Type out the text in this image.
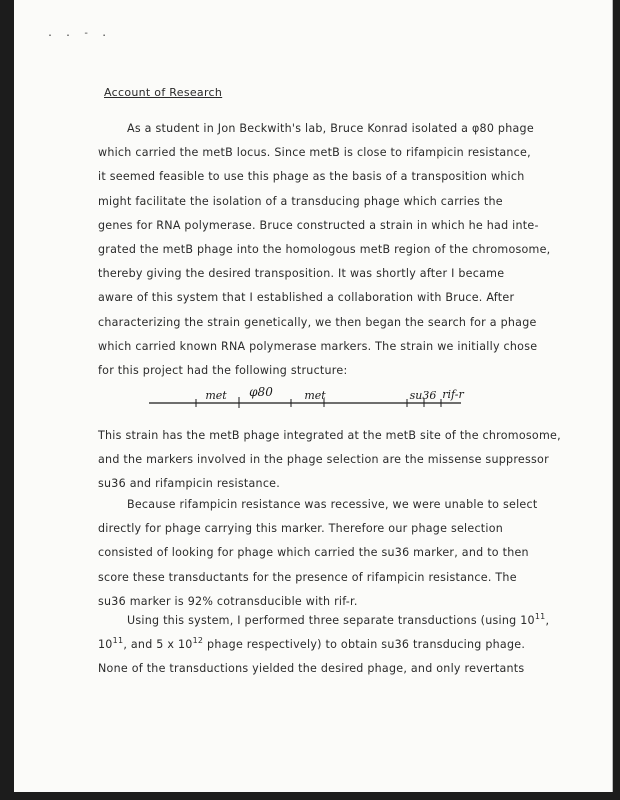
. . - .
Account of Research
As a student in Jon Beckwith's lab, Bruce Konrad isolated a φ80 phage
which carried the metB locus. Since metB is close to rifampicin resistance,
it seemed feasible to use this phage as the basis of a transposition which
might facilitate the isolation of a transducing phage which carries the
genes for RNA polymerase. Bruce constructed a strain in which he had inte-
grated the metB phage into the homologous metB region of the chromosome,
thereby giving the desired transposition. It was shortly after I became
aware of this system that I established a collaboration with Bruce. After
characterizing the strain genetically, we then began the search for a phage
which carried known RNA polymerase markers. The strain we initially chose
for this project had the following structure:
met φ80	met	su36 rif-r
This strain has the metB phage integrated at the metB site of the chromosome,
and the markers involved in the phage selection are the missense suppressor
su36 and rifampicin resistance.
Because rifampicin resistance was recessive, we were unable to select
directly for phage carrying this marker. Therefore our phage selection
consisted of looking for phage which carried the su36 marker, and to then
score these transductants for the presence of rifampicin resistance. The
su36 marker is 92% cotransducible with rif-r.
Using this system, I performed three separate transductions (using $10^{11}$,
$10^{11}$, and 5 x $10^{12}$ phage respectively) to obtain su36 transducing phage.
None of the transductions yielded the desired phage, and only revertants
